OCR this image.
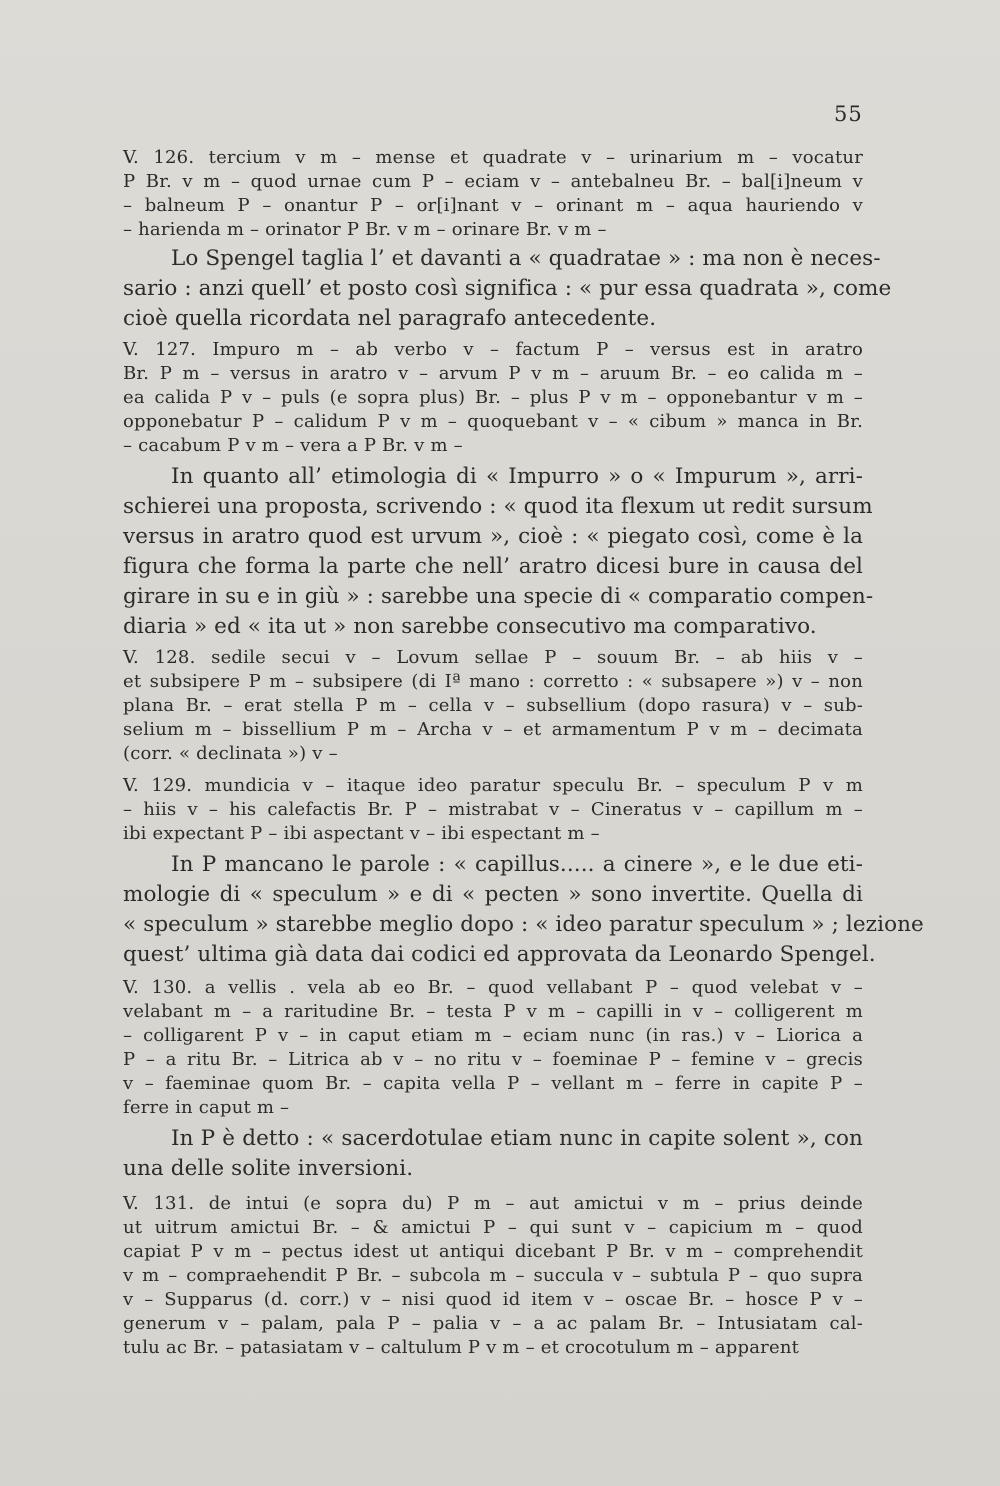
55
V. 126. tercium v m – mense et quadrate v – urinarium m – vocatur
P Br. v m – quod urnae cum P – eciam v – antebalneu Br. – bal[i]neum v
– balneum P – onantur P – or[i]nant v – orinant m – aqua hauriendo v
– harienda m – orinator P Br. v m – orinare Br. v m –
Lo Spengel taglia l’ et davanti a « quadratae » : ma non è neces-
sario : anzi quell’ et posto così significa : « pur essa quadrata », come
cioè quella ricordata nel paragrafo antecedente.
V. 127. Impuro m – ab verbo v – factum P – versus est in aratro
Br. P m – versus in aratro v – arvum P v m – aruum Br. – eo calida m –
ea calida P v – puls (e sopra plus) Br. – plus P v m – opponebantur v m –
opponebatur P – calidum P v m – quoquebant v – « cibum » manca in Br.
– cacabum P v m – vera a P Br. v m –
In quanto all’ etimologia di « Impurro » o « Impurum », arri-
schierei una proposta, scrivendo : « quod ita flexum ut redit sursum
versus in aratro quod est urvum », cioè : « piegato così, come è la
figura che forma la parte che nell’ aratro dicesi bure in causa del
girare in su e in giù » : sarebbe una specie di « comparatio compen-
diaria » ed « ita ut » non sarebbe consecutivo ma comparativo.
V. 128. sedile secui v – Lovum sellae P – souum Br. – ab hiis v –
et subsipere P m – subsipere (di Iª mano : corretto : « subsapere ») v – non
plana Br. – erat stella P m – cella v – subsellium (dopo rasura) v – sub-
selium m – bissellium P m – Archa v – et armamentum P v m – decimata
(corr. « declinata ») v –
V. 129. mundicia v – itaque ideo paratur speculu Br. – speculum P v m
– hiis v – his calefactis Br. P – mistrabat v – Cineratus v – capillum m –
ibi expectant P – ibi aspectant v – ibi espectant m –
In P mancano le parole : « capillus..... a cinere », e le due eti-
mologie di « speculum » e di « pecten » sono invertite. Quella di
« speculum » starebbe meglio dopo : « ideo paratur speculum » ; lezione
quest’ ultima già data dai codici ed approvata da Leonardo Spengel.
V. 130. a vellis . vela ab eo Br. – quod vellabant P – quod velebat v –
velabant m – a raritudine Br. – testa P v m – capilli in v – colligerent m
– colligarent P v – in caput etiam m – eciam nunc (in ras.) v – Liorica a
P – a ritu Br. – Litrica ab v – no ritu v – foeminae P – femine v – grecis
v – faeminae quom Br. – capita vella P – vellant m – ferre in capite P –
ferre in caput m –
In P è detto : « sacerdotulae etiam nunc in capite solent », con
una delle solite inversioni.
V. 131. de intui (e sopra du) P m – aut amictui v m – prius deinde
ut uitrum amictui Br. – & amictui P – qui sunt v – capicium m – quod
capiat P v m – pectus idest ut antiqui dicebant P Br. v m – comprehendit
v m – compraehendit P Br. – subcola m – succula v – subtula P – quo supra
v – Supparus (d. corr.) v – nisi quod id item v – oscae Br. – hosce P v –
generum v – palam, pala P – palia v – a ac palam Br. – Intusiatam cal-
tulu ac Br. – patasiatam v – caltulum P v m – et crocotulum m – apparent
